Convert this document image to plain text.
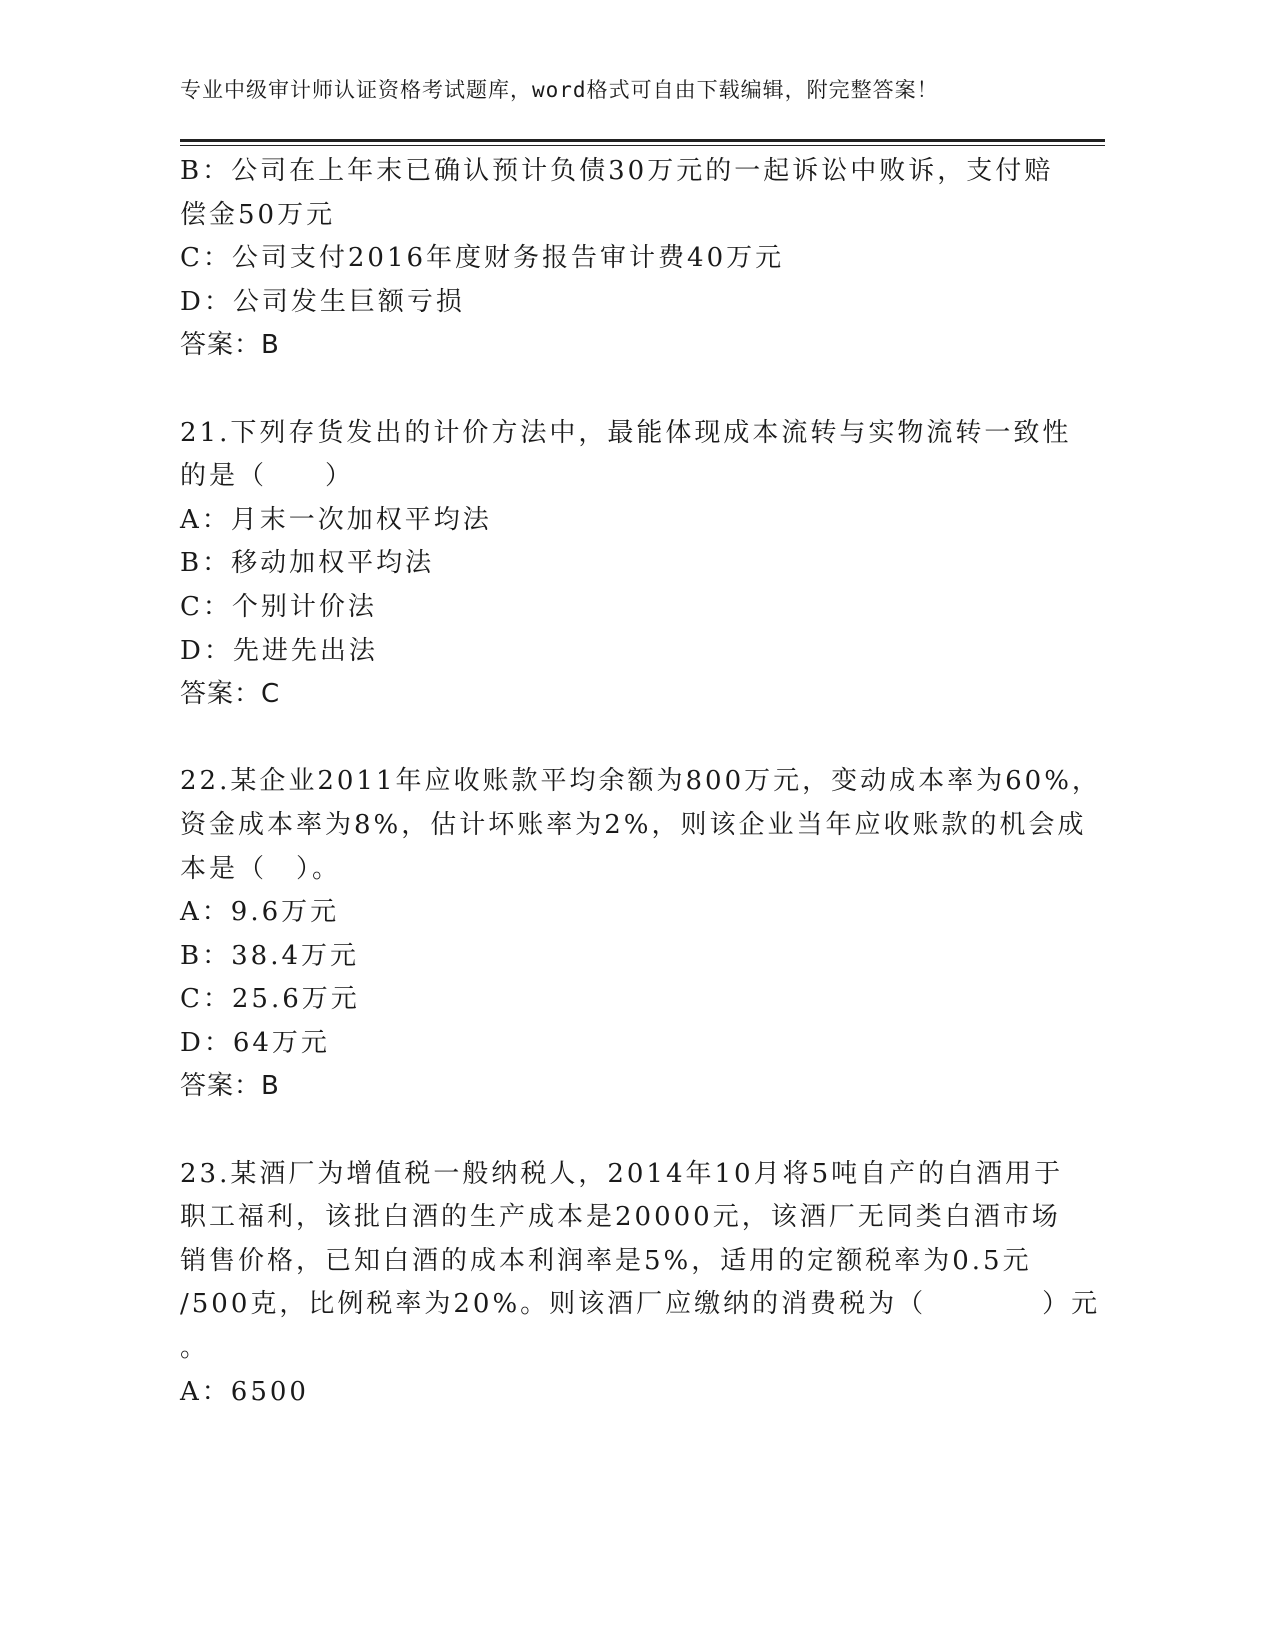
专业中级审计师认证资格考试题库，word格式可自由下载编辑，附完整答案！
B：公司在上年末已确认预计负债30万元的一起诉讼中败诉，支付赔
偿金50万元
C：公司支付2016年度财务报告审计费40万元
D：公司发生巨额亏损
答案：B
21.下列存货发出的计价方法中，最能体现成本流转与实物流转一致性
的是（　　）
A：月末一次加权平均法
B：移动加权平均法
C：个别计价法
D：先进先出法
答案：C
22.某企业2011年应收账款平均余额为800万元，变动成本率为60%，
资金成本率为8%，估计坏账率为2%，则该企业当年应收账款的机会成
本是（　）。
A：9.6万元
B：38.4万元
C：25.6万元
D：64万元
答案：B
23.某酒厂为增值税一般纳税人，2014年10月将5吨自产的白酒用于
职工福利，该批白酒的生产成本是20000元，该酒厂无同类白酒市场
销售价格，已知白酒的成本利润率是5%，适用的定额税率为0.5元
/500克，比例税率为20%。则该酒厂应缴纳的消费税为（　　　　）元
。
A：6500
